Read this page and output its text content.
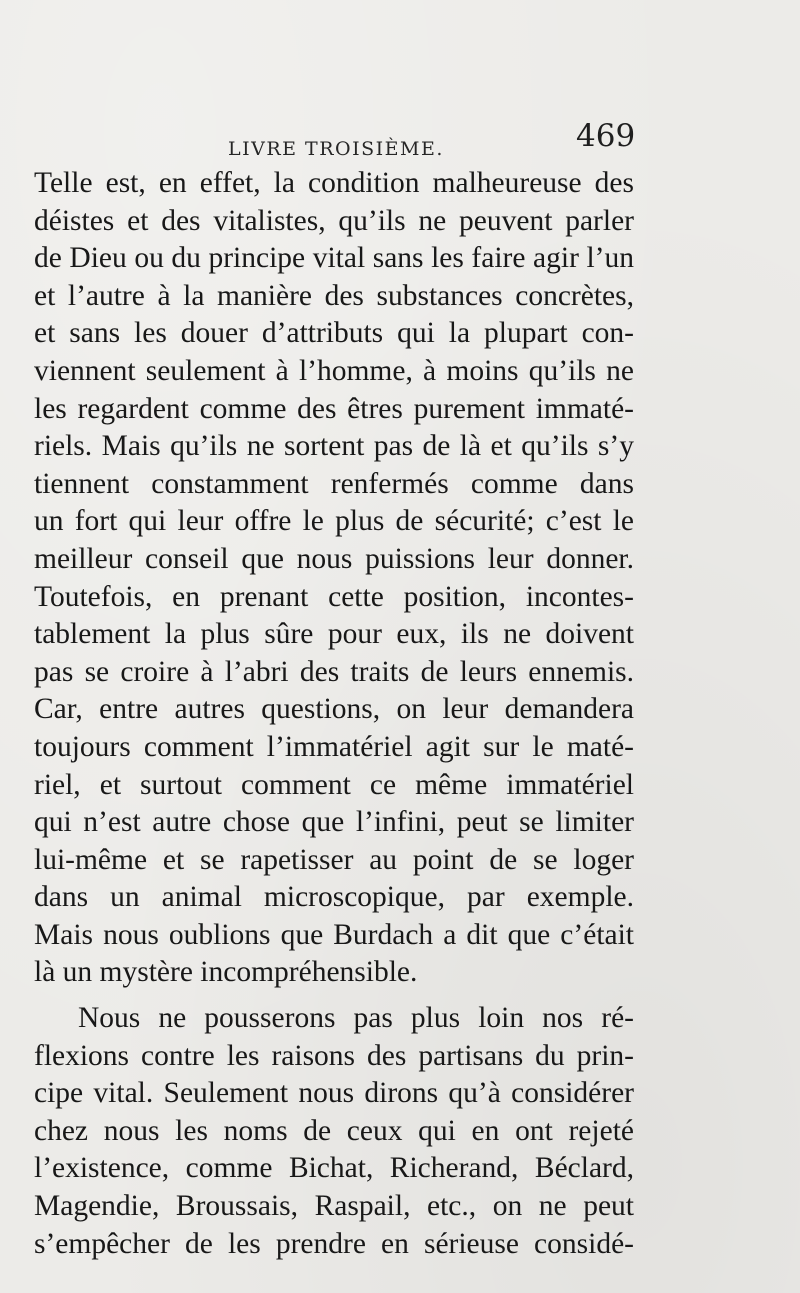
LIVRE TROISIÈME.	469
Telle est, en effet, la condition malheureuse des
déistes et des vitalistes, qu’ils ne peuvent parler
de Dieu ou du principe vital sans les faire agir l’un
et l’autre à la manière des substances concrètes,
et sans les douer d’attributs qui la plupart con-
viennent seulement à l’homme, à moins qu’ils ne
les regardent comme des êtres purement immaté-
riels. Mais qu’ils ne sortent pas de là et qu’ils s’y
tiennent constamment renfermés comme dans
un fort qui leur offre le plus de sécurité; c’est le
meilleur conseil que nous puissions leur donner.
Toutefois, en prenant cette position, incontes-
tablement la plus sûre pour eux, ils ne doivent
pas se croire à l’abri des traits de leurs ennemis.
Car, entre autres questions, on leur demandera
toujours comment l’immatériel agit sur le maté-
riel, et surtout comment ce même immatériel
qui n’est autre chose que l’infini, peut se limiter
lui-même et se rapetisser au point de se loger
dans un animal microscopique, par exemple.
Mais nous oublions que Burdach a dit que c’était
là un mystère incompréhensible.
Nous ne pousserons pas plus loin nos ré-
flexions contre les raisons des partisans du prin-
cipe vital. Seulement nous dirons qu’à considérer
chez nous les noms de ceux qui en ont rejeté
l’existence, comme Bichat, Richerand, Béclard,
Magendie, Broussais, Raspail, etc., on ne peut
s’empêcher de les prendre en sérieuse considé-
